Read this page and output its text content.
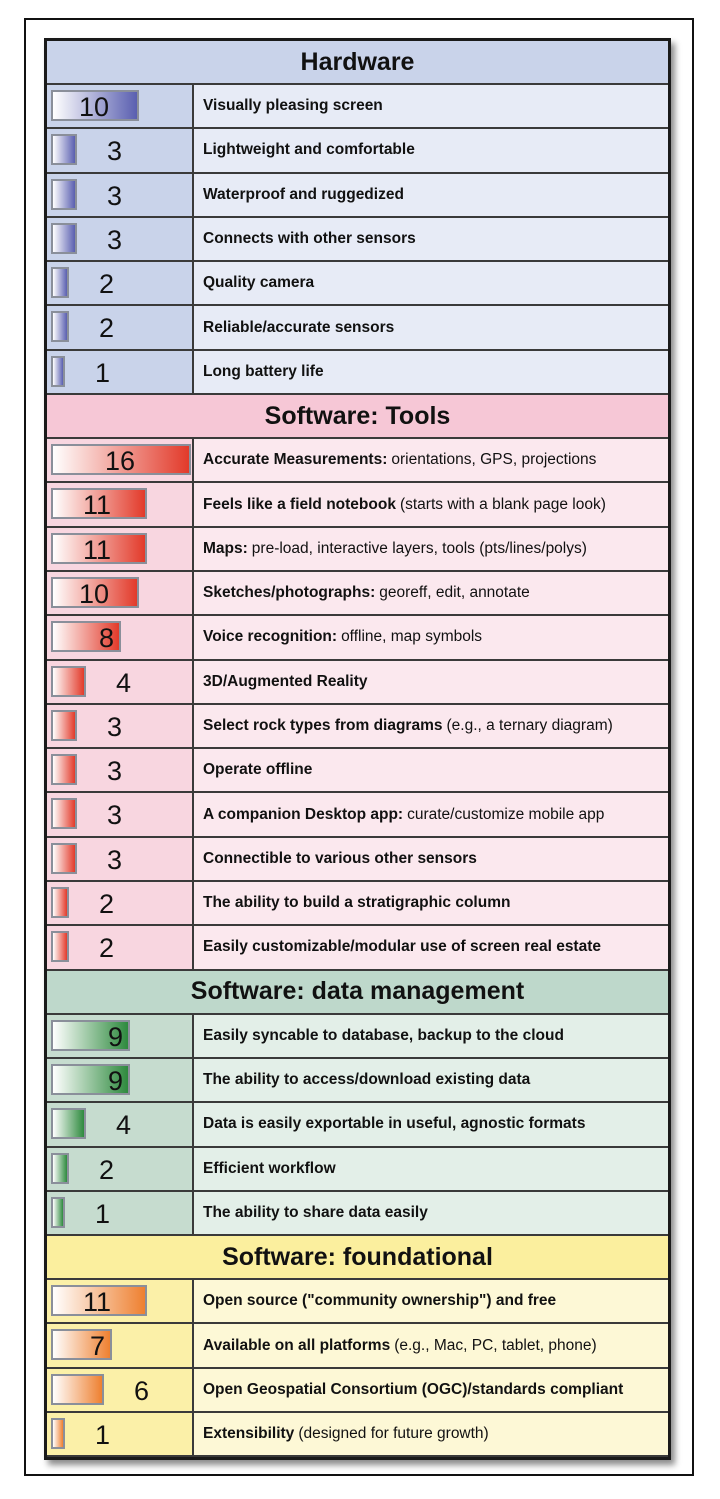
Hardware
10	Visually pleasing screen
3	Lightweight and comfortable
3	Waterproof and ruggedized
3	Connects with other sensors
2	Quality camera
2	Reliable/accurate sensors
1	Long battery life
Software: Tools
16	Accurate Measurements: orientations, GPS, projections
11	Feels like a field notebook (starts with a blank page look)
11	Maps: pre-load, interactive layers, tools (pts/lines/polys)
10	Sketches/photographs: georeff, edit, annotate
8	Voice recognition: offline, map symbols
4	3D/Augmented Reality
3	Select rock types from diagrams (e.g., a ternary diagram)
3	Operate offline
3	A companion Desktop app: curate/customize mobile app
3	Connectible to various other sensors
2	The ability to build a stratigraphic column
2	Easily customizable/modular use of screen real estate
Software: data management
9	Easily syncable to database, backup to the cloud
9	The ability to access/download existing data
4	Data is easily exportable in useful, agnostic formats
2	Efficient workflow
1	The ability to share data easily
Software: foundational
11	Open source ("community ownership") and free
7	Available on all platforms (e.g., Mac, PC, tablet, phone)
6	Open Geospatial Consortium (OGC)/standards compliant
1	Extensibility (designed for future growth)
